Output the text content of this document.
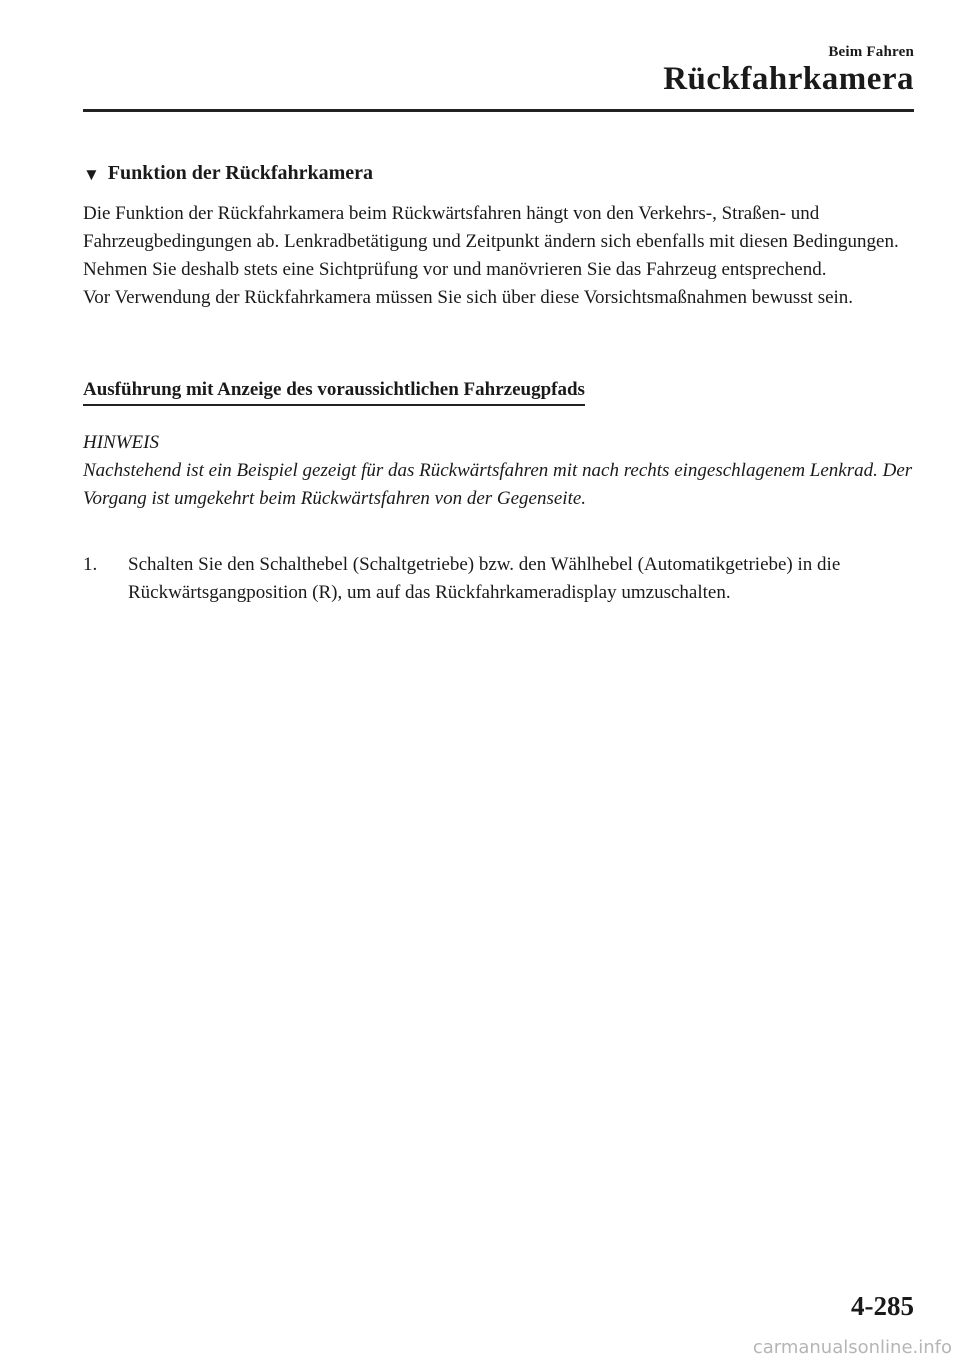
Beim Fahren
Rückfahrkamera
▼ Funktion der Rückfahrkamera

Die Funktion der Rückfahrkamera beim Rückwärtsfahren hängt von den Verkehrs-, Straßen- und Fahrzeugbedingungen ab. Lenkradbetätigung und Zeitpunkt ändern sich ebenfalls mit diesen Bedingungen. Nehmen Sie deshalb stets eine Sichtprüfung vor und manövrieren Sie das Fahrzeug entsprechend.

Vor Verwendung der Rückfahrkamera müssen Sie sich über diese Vorsichtsmaßnahmen bewusst sein.

Ausführung mit Anzeige des voraussichtlichen Fahrzeugpfads

HINWEIS

Nachstehend ist ein Beispiel gezeigt für das Rückwärtsfahren mit nach rechts eingeschlagenem Lenkrad. Der Vorgang ist umgekehrt beim Rückwärtsfahren von der Gegenseite.

1.	Schalten Sie den Schalthebel (Schaltgetriebe) bzw. den Wählhebel (Automatikgetriebe) in die Rückwärtsgangposition (R), um auf das Rückfahrkameradisplay umzuschalten.
4-285
carmanualsonline.info
